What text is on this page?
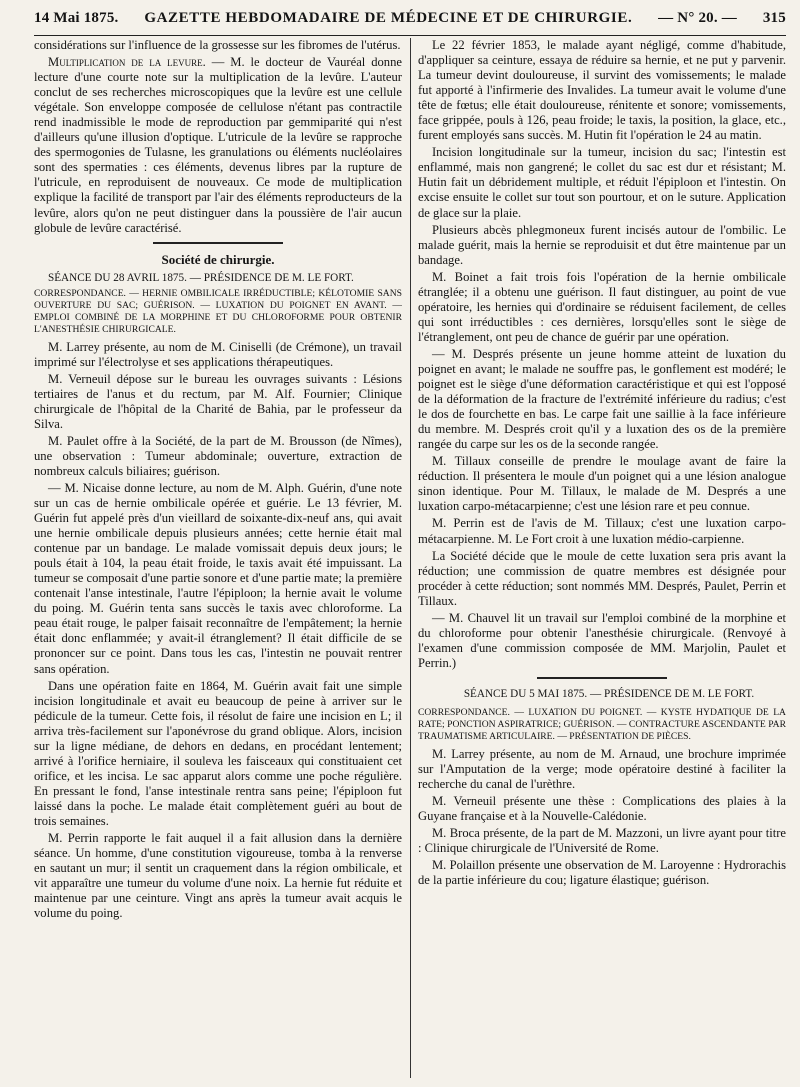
14 Mai 1875. GAZETTE HEBDOMADAIRE DE MÉDECINE ET DE CHIRURGIE. — N° 20. — 315

considérations sur l'influence de la grossesse sur les fibromes de l'utérus.

Multiplication de la levure. — M. le docteur de Vauréal donne lecture d'une courte note sur la multiplication de la levûre. L'auteur conclut de ses recherches microscopiques que la levûre est une cellule végétale. Son enveloppe composée de cellulose n'étant pas contractile rend inadmissible le mode de reproduction par gemmiparité qui n'est d'ailleurs qu'une illusion d'optique. L'utricule de la levûre se rapproche des spermogonies de Tulasne, les granulations ou éléments nucléolaires sont des spermaties : ces éléments, devenus libres par la rupture de l'utricule, en reproduisent de nouveaux. Ce mode de multiplication explique la facilité de transport par l'air des éléments reproducteurs de la levûre, alors qu'on ne peut distinguer dans la poussière de l'air aucun globule de levûre caractérisé.

Société de chirurgie.

SÉANCE DU 28 AVRIL 1875. — PRÉSIDENCE DE M. LE FORT.

CORRESPONDANCE. — HERNIE OMBILICALE IRRÉDUCTIBLE; KÉLOTOMIE SANS OUVERTURE DU SAC; GUÉRISON. — LUXATION DU POIGNET EN AVANT. — EMPLOI COMBINÉ DE LA MORPHINE ET DU CHLOROFORME POUR OBTENIR L'ANESTHÉSIE CHIRURGICALE.

M. Larrey présente, au nom de M. Ciniselli (de Crémone), un travail imprimé sur l'électrolyse et ses applications thérapeutiques.

M. Verneuil dépose sur le bureau les ouvrages suivants : Lésions tertiaires de l'anus et du rectum, par M. Alf. Fournier; Clinique chirurgicale de l'hôpital de la Charité de Bahia, par le professeur da Silva.

M. Paulet offre à la Société, de la part de M. Brousson (de Nîmes), une observation : Tumeur abdominale; ouverture, extraction de nombreux calculs biliaires; guérison.

— M. Nicaise donne lecture, au nom de M. Alph. Guérin, d'une note sur un cas de hernie ombilicale opérée et guérie. Le 13 février, M. Guérin fut appelé près d'un vieillard de soixante-dix-neuf ans, qui avait une hernie ombilicale depuis plusieurs années; cette hernie était mal contenue par un bandage. Le malade vomissait depuis deux jours; le pouls était à 104, la peau était froide, le taxis avait été impuissant. La tumeur se composait d'une partie sonore et d'une partie mate; la première contenait l'anse intestinale, l'autre l'épiploon; la hernie avait le volume du poing. M. Guérin tenta sans succès le taxis avec chloroforme. La peau était rouge, le palper faisait reconnaître de l'empâtement; la hernie était donc enflammée; y avait-il étranglement? Il était difficile de se prononcer sur ce point. Dans tous les cas, l'intestin ne pouvait rentrer sans opération.

Dans une opération faite en 1864, M. Guérin avait fait une simple incision longitudinale et avait eu beaucoup de peine à arriver sur le pédicule de la tumeur. Cette fois, il résolut de faire une incision en L; il arriva très-facilement sur l'aponévrose du grand oblique. Alors, incision sur la ligne médiane, de dehors en dedans, en procédant lentement; arrivé à l'orifice herniaire, il souleva les faisceaux qui constituaient cet orifice, et les incisa. Le sac apparut alors comme une poche régulière. En pressant le fond, l'anse intestinale rentra sans peine; l'épiploon fut laissé dans la poche. Le malade était complètement guéri au bout de trois semaines.

M. Perrin rapporte le fait auquel il a fait allusion dans la dernière séance. Un homme, d'une constitution vigoureuse, tomba à la renverse en sautant un mur; il sentit un craquement dans la région ombilicale, et vit apparaître une tumeur du volume d'une noix. La hernie fut réduite et maintenue par une ceinture. Vingt ans après la tumeur avait acquis le volume du poing.

Le 22 février 1853, le malade ayant négligé, comme d'habitude, d'appliquer sa ceinture, essaya de réduire sa hernie, et ne put y parvenir. La tumeur devint douloureuse, il survint des vomissements; le malade fut apporté à l'infirmerie des Invalides. La tumeur avait le volume d'une tête de fœtus; elle était douloureuse, rénitente et sonore; vomissements, face grippée, pouls à 126, peau froide; le taxis, la position, la glace, etc., furent employés sans succès. M. Hutin fit l'opération le 24 au matin.

Incision longitudinale sur la tumeur, incision du sac; l'intestin est enflammé, mais non gangrené; le collet du sac est dur et résistant; M. Hutin fait un débridement multiple, et réduit l'épiploon et l'intestin. On excise ensuite le collet sur tout son pourtour, et on le suture. Application de glace sur la plaie.

Plusieurs abcès phlegmoneux furent incisés autour de l'ombilic. Le malade guérit, mais la hernie se reproduisit et dut être maintenue par un bandage.

M. Boinet a fait trois fois l'opération de la hernie ombilicale étranglée; il a obtenu une guérison. Il faut distinguer, au point de vue opératoire, les hernies qui d'ordinaire se réduisent facilement, de celles qui sont irréductibles : ces dernières, lorsqu'elles sont le siège de l'étranglement, ont peu de chance de guérir par une opération.

— M. Després présente un jeune homme atteint de luxation du poignet en avant; le malade ne souffre pas, le gonflement est modéré; le poignet est le siège d'une déformation caractéristique et qui est l'opposé de la déformation de la fracture de l'extrémité inférieure du radius; c'est le dos de fourchette en bas. Le carpe fait une saillie à la face inférieure du membre. M. Després croit qu'il y a luxation des os de la première rangée du carpe sur les os de la seconde rangée.

M. Tillaux conseille de prendre le moulage avant de faire la réduction. Il présentera le moule d'un poignet qui a une lésion analogue sinon identique. Pour M. Tillaux, le malade de M. Després a une luxation carpo-métacarpienne; c'est une lésion rare et peu connue.

M. Perrin est de l'avis de M. Tillaux; c'est une luxation carpo-métacarpienne. M. Le Fort croit à une luxation médio-carpienne.

La Société décide que le moule de cette luxation sera pris avant la réduction; une commission de quatre membres est désignée pour procéder à cette réduction; sont nommés MM. Després, Paulet, Perrin et Tillaux.

— M. Chauvel lit un travail sur l'emploi combiné de la morphine et du chloroforme pour obtenir l'anesthésie chirurgicale. (Renvoyé à l'examen d'une commission composée de MM. Marjolin, Paulet et Perrin.)

SÉANCE DU 5 MAI 1875. — PRÉSIDENCE DE M. LE FORT.

CORRESPONDANCE. — LUXATION DU POIGNET. — KYSTE HYDATIQUE DE LA RATE; PONCTION ASPIRATRICE; GUÉRISON. — CONTRACTURE ASCENDANTE PAR TRAUMATISME ARTICULAIRE. — PRÉSENTATION DE PIÈCES.

M. Larrey présente, au nom de M. Arnaud, une brochure imprimée sur l'Amputation de la verge; mode opératoire destiné à faciliter la recherche du canal de l'urèthre.

M. Verneuil présente une thèse : Complications des plaies à la Guyane française et à la Nouvelle-Calédonie.

M. Broca présente, de la part de M. Mazzoni, un livre ayant pour titre : Clinique chirurgicale de l'Université de Rome.

M. Polaillon présente une observation de M. Laroyenne : Hydrorachis de la partie inférieure du cou; ligature élastique; guérison.
